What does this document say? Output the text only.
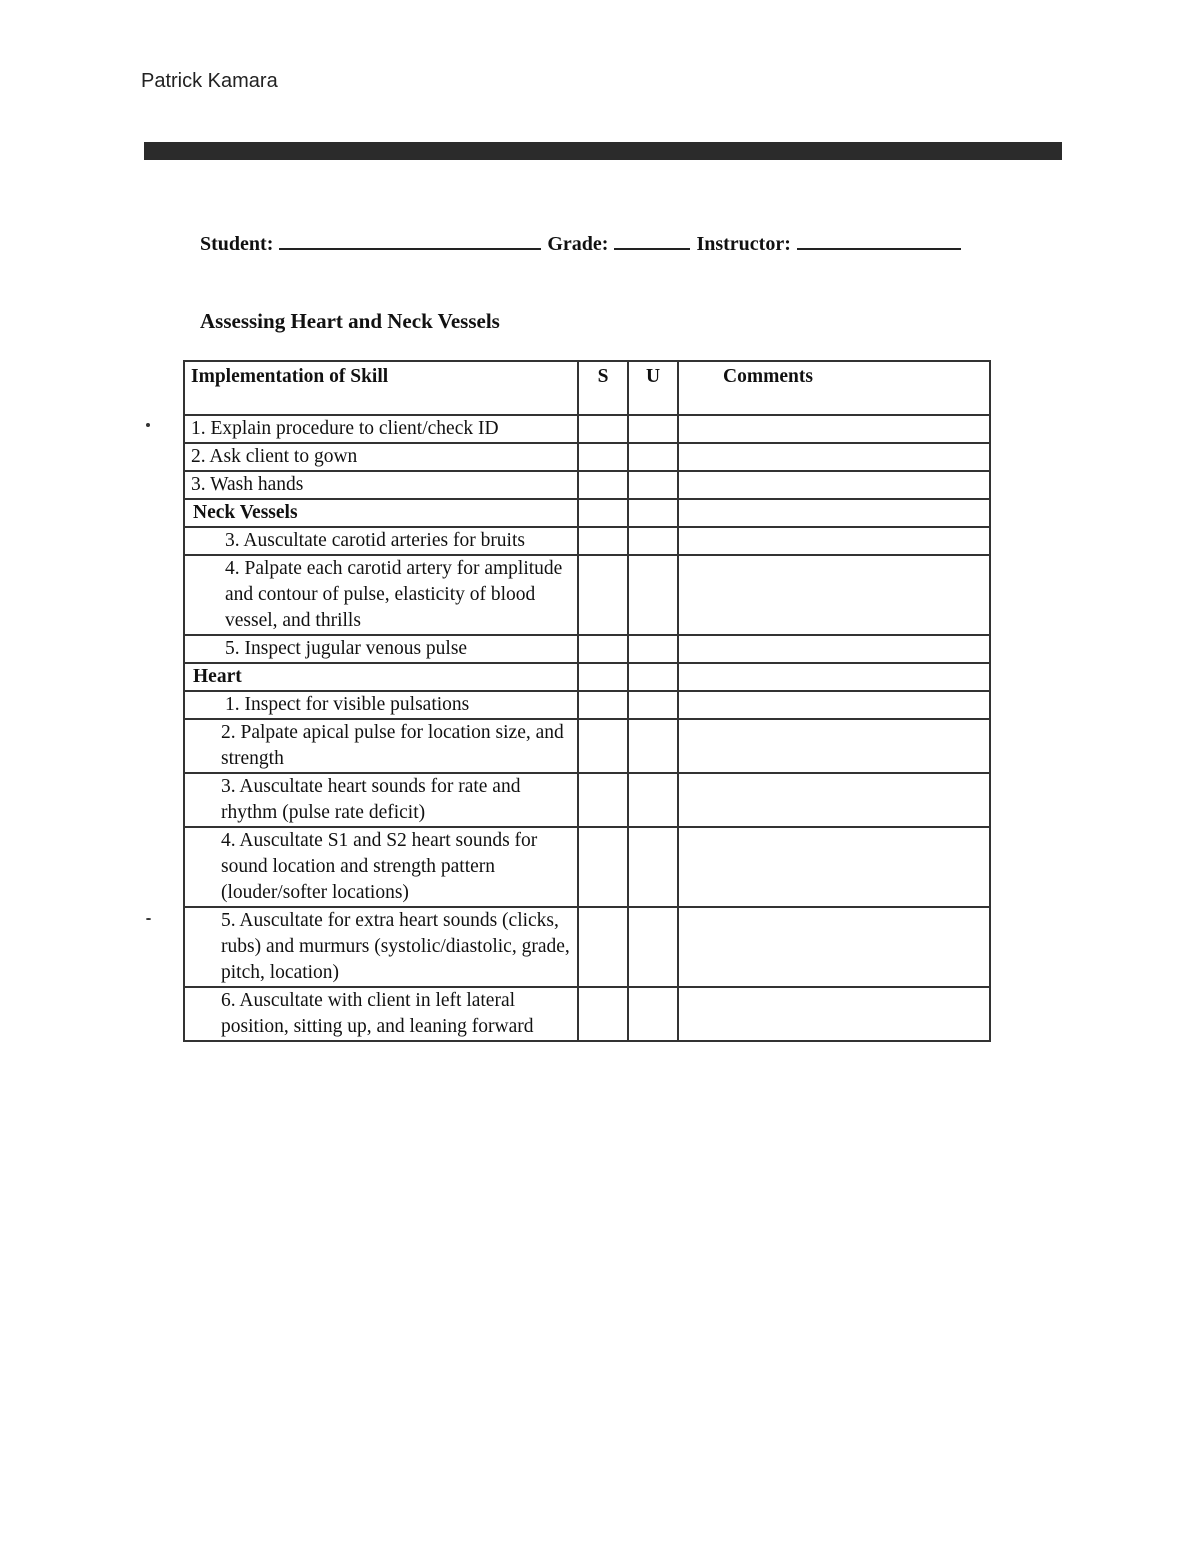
Patrick Kamara
Student:	Grade:	Instructor:
Assessing Heart and Neck Vessels
Implementation of Skill	S	U	Comments
1. Explain procedure to client/check ID			
2. Ask client to gown			
3. Wash hands			
Neck Vessels			
3. Auscultate carotid arteries for bruits			
4. Palpate each carotid artery for amplitude and contour of pulse, elasticity of blood vessel, and thrills			
5. Inspect jugular venous pulse			
Heart			
1. Inspect for visible pulsations			
2. Palpate apical pulse for location size, and strength			
3. Auscultate heart sounds for rate and rhythm (pulse rate deficit)			
4. Auscultate S1 and S2 heart sounds for sound location and strength pattern (louder/softer locations)			
5. Auscultate for extra heart sounds (clicks, rubs) and murmurs (systolic/diastolic, grade, pitch, location)			
6. Auscultate with client in left lateral position, sitting up, and leaning forward			
